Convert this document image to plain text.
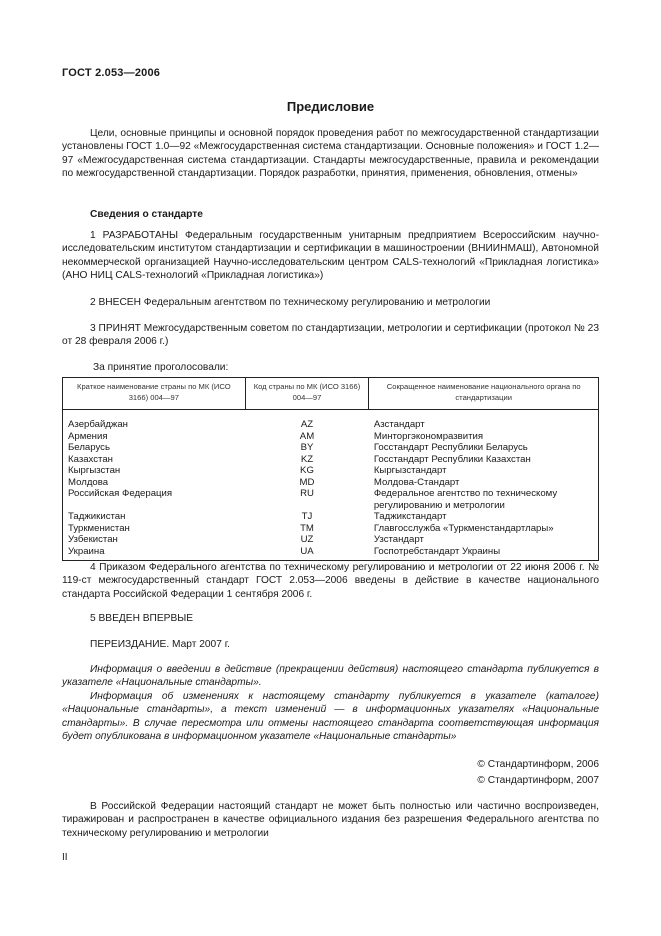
ГОСТ 2.053—2006
Предисловие

Цели, основные принципы и основной порядок проведения работ по межгосударственной стандартизации установлены ГОСТ 1.0—92 «Межгосударственная система стандартизации. Основные положения» и ГОСТ 1.2—97 «Межгосударственная система стандартизации. Стандарты межгосударственные, правила и рекомендации по межгосударственной стандартизации. Порядок разработки, принятия, применения, обновления, отмены»

Сведения о стандарте

1 РАЗРАБОТАНЫ Федеральным государственным унитарным предприятием Всероссийским научно-исследовательским институтом стандартизации и сертификации в машиностроении (ВНИИНМАШ), Автономной некоммерческой организацией Научно-исследовательским центром CALS-технологий «Прикладная логистика» (АНО НИЦ CALS-технологий «Прикладная логистика»)

2 ВНЕСЕН Федеральным агентством по техническому регулированию и метрологии

3 ПРИНЯТ Межгосударственным советом по стандартизации, метрологии и сертификации (протокол № 23 от 28 февраля 2006 г.)

За принятие проголосовали:
Краткое наименование страны по МК (ИСО 3166) 004—97	Код страны по МК (ИСО 3166) 004—97	Сокращенное наименование национального органа по стандартизации
Азербайджан	AZ	Азстандарт
Армения	AM	Минторгэкономразвития
Беларусь	BY	Госстандарт Республики Беларусь
Казахстан	KZ	Госстандарт Республики Казахстан
Кыргызстан	KG	Кыргызстандарт
Молдова	MD	Молдова-Стандарт
Российская Федерация	RU	Федеральное агентство по техническому регулированию и метрологии
Таджикистан	TJ	Таджикстандарт
Туркменистан	TM	Главгосслужба «Туркменстандартлары»
Узбекистан	UZ	Узстандарт
Украина	UA	Госпотребстандарт Украины

4 Приказом Федерального агентства по техническому регулированию и метрологии от 22 июня 2006 г. № 119-ст межгосударственный стандарт ГОСТ 2.053—2006 введены в действие в качестве национального стандарта Российской Федерации 1 сентября 2006 г.

5 ВВЕДЕН ВПЕРВЫЕ

ПЕРЕИЗДАНИЕ. Март 2007 г.

Информация о введении в действие (прекращении действия) настоящего стандарта публикуется в указателе «Национальные стандарты».

Информация об изменениях к настоящему стандарту публикуется в указателе (каталоге) «Национальные стандарты», а текст изменений — в информационных указателях «Национальные стандарты». В случае пересмотра или отмены настоящего стандарта соответствующая информация будет опубликована в информационном указателе «Национальные стандарты»

© Стандартинформ, 2006
© Стандартинформ, 2007

В Российской Федерации настоящий стандарт не может быть полностью или частично воспроизведен, тиражирован и распространен в качестве официального издания без разрешения Федерального агентства по техническому регулированию и метрологии

II
